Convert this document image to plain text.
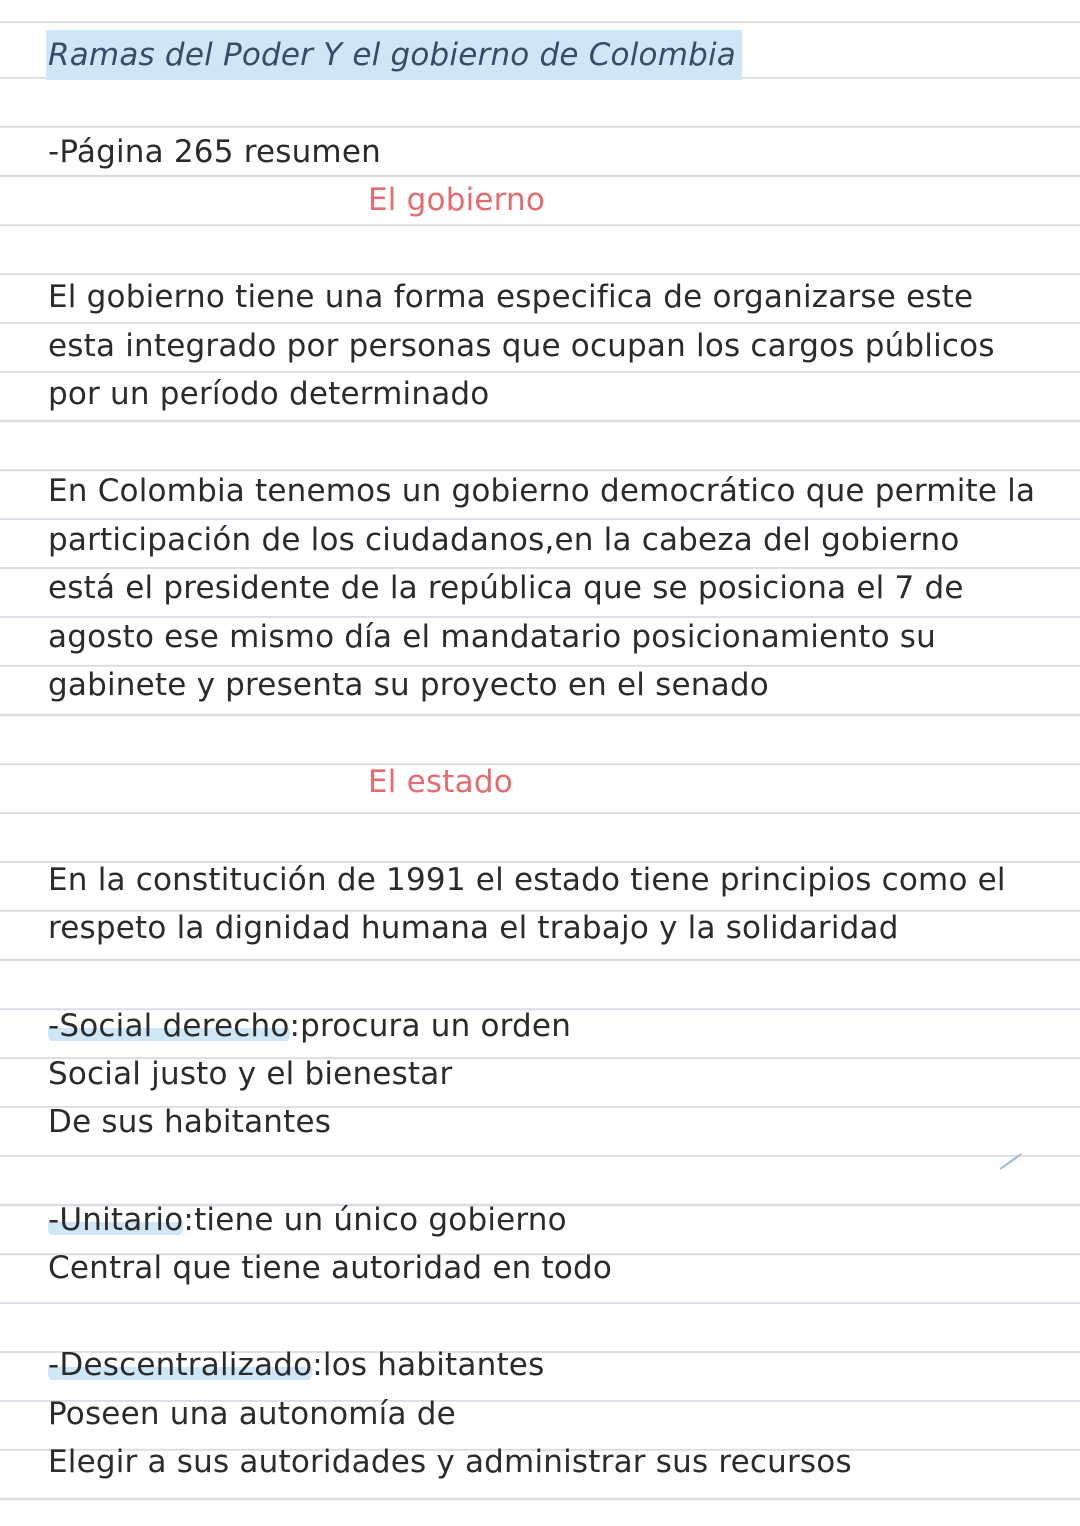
Ramas del Poder Y el gobierno de Colombia
-Página 265 resumen
El gobierno
El gobierno tiene una forma especifica de organizarse este
esta integrado por personas que ocupan los cargos públicos
por un período determinado
En Colombia tenemos un gobierno democrático que permite la
participación de los ciudadanos,en la cabeza del gobierno
está el presidente de la república que se posiciona el 7 de
agosto ese mismo día el mandatario posicionamiento su
gabinete y presenta su proyecto en el senado
El estado
En la constitución de 1991 el estado tiene principios como el
respeto la dignidad humana el trabajo y la solidaridad
-Social derecho:procura un orden
Social justo y el bienestar
De sus habitantes
-Unitario:tiene un único gobierno
Central que tiene autoridad en todo
-Descentralizado:los habitantes
Poseen una autonomía de
Elegir a sus autoridades y administrar sus recursos
